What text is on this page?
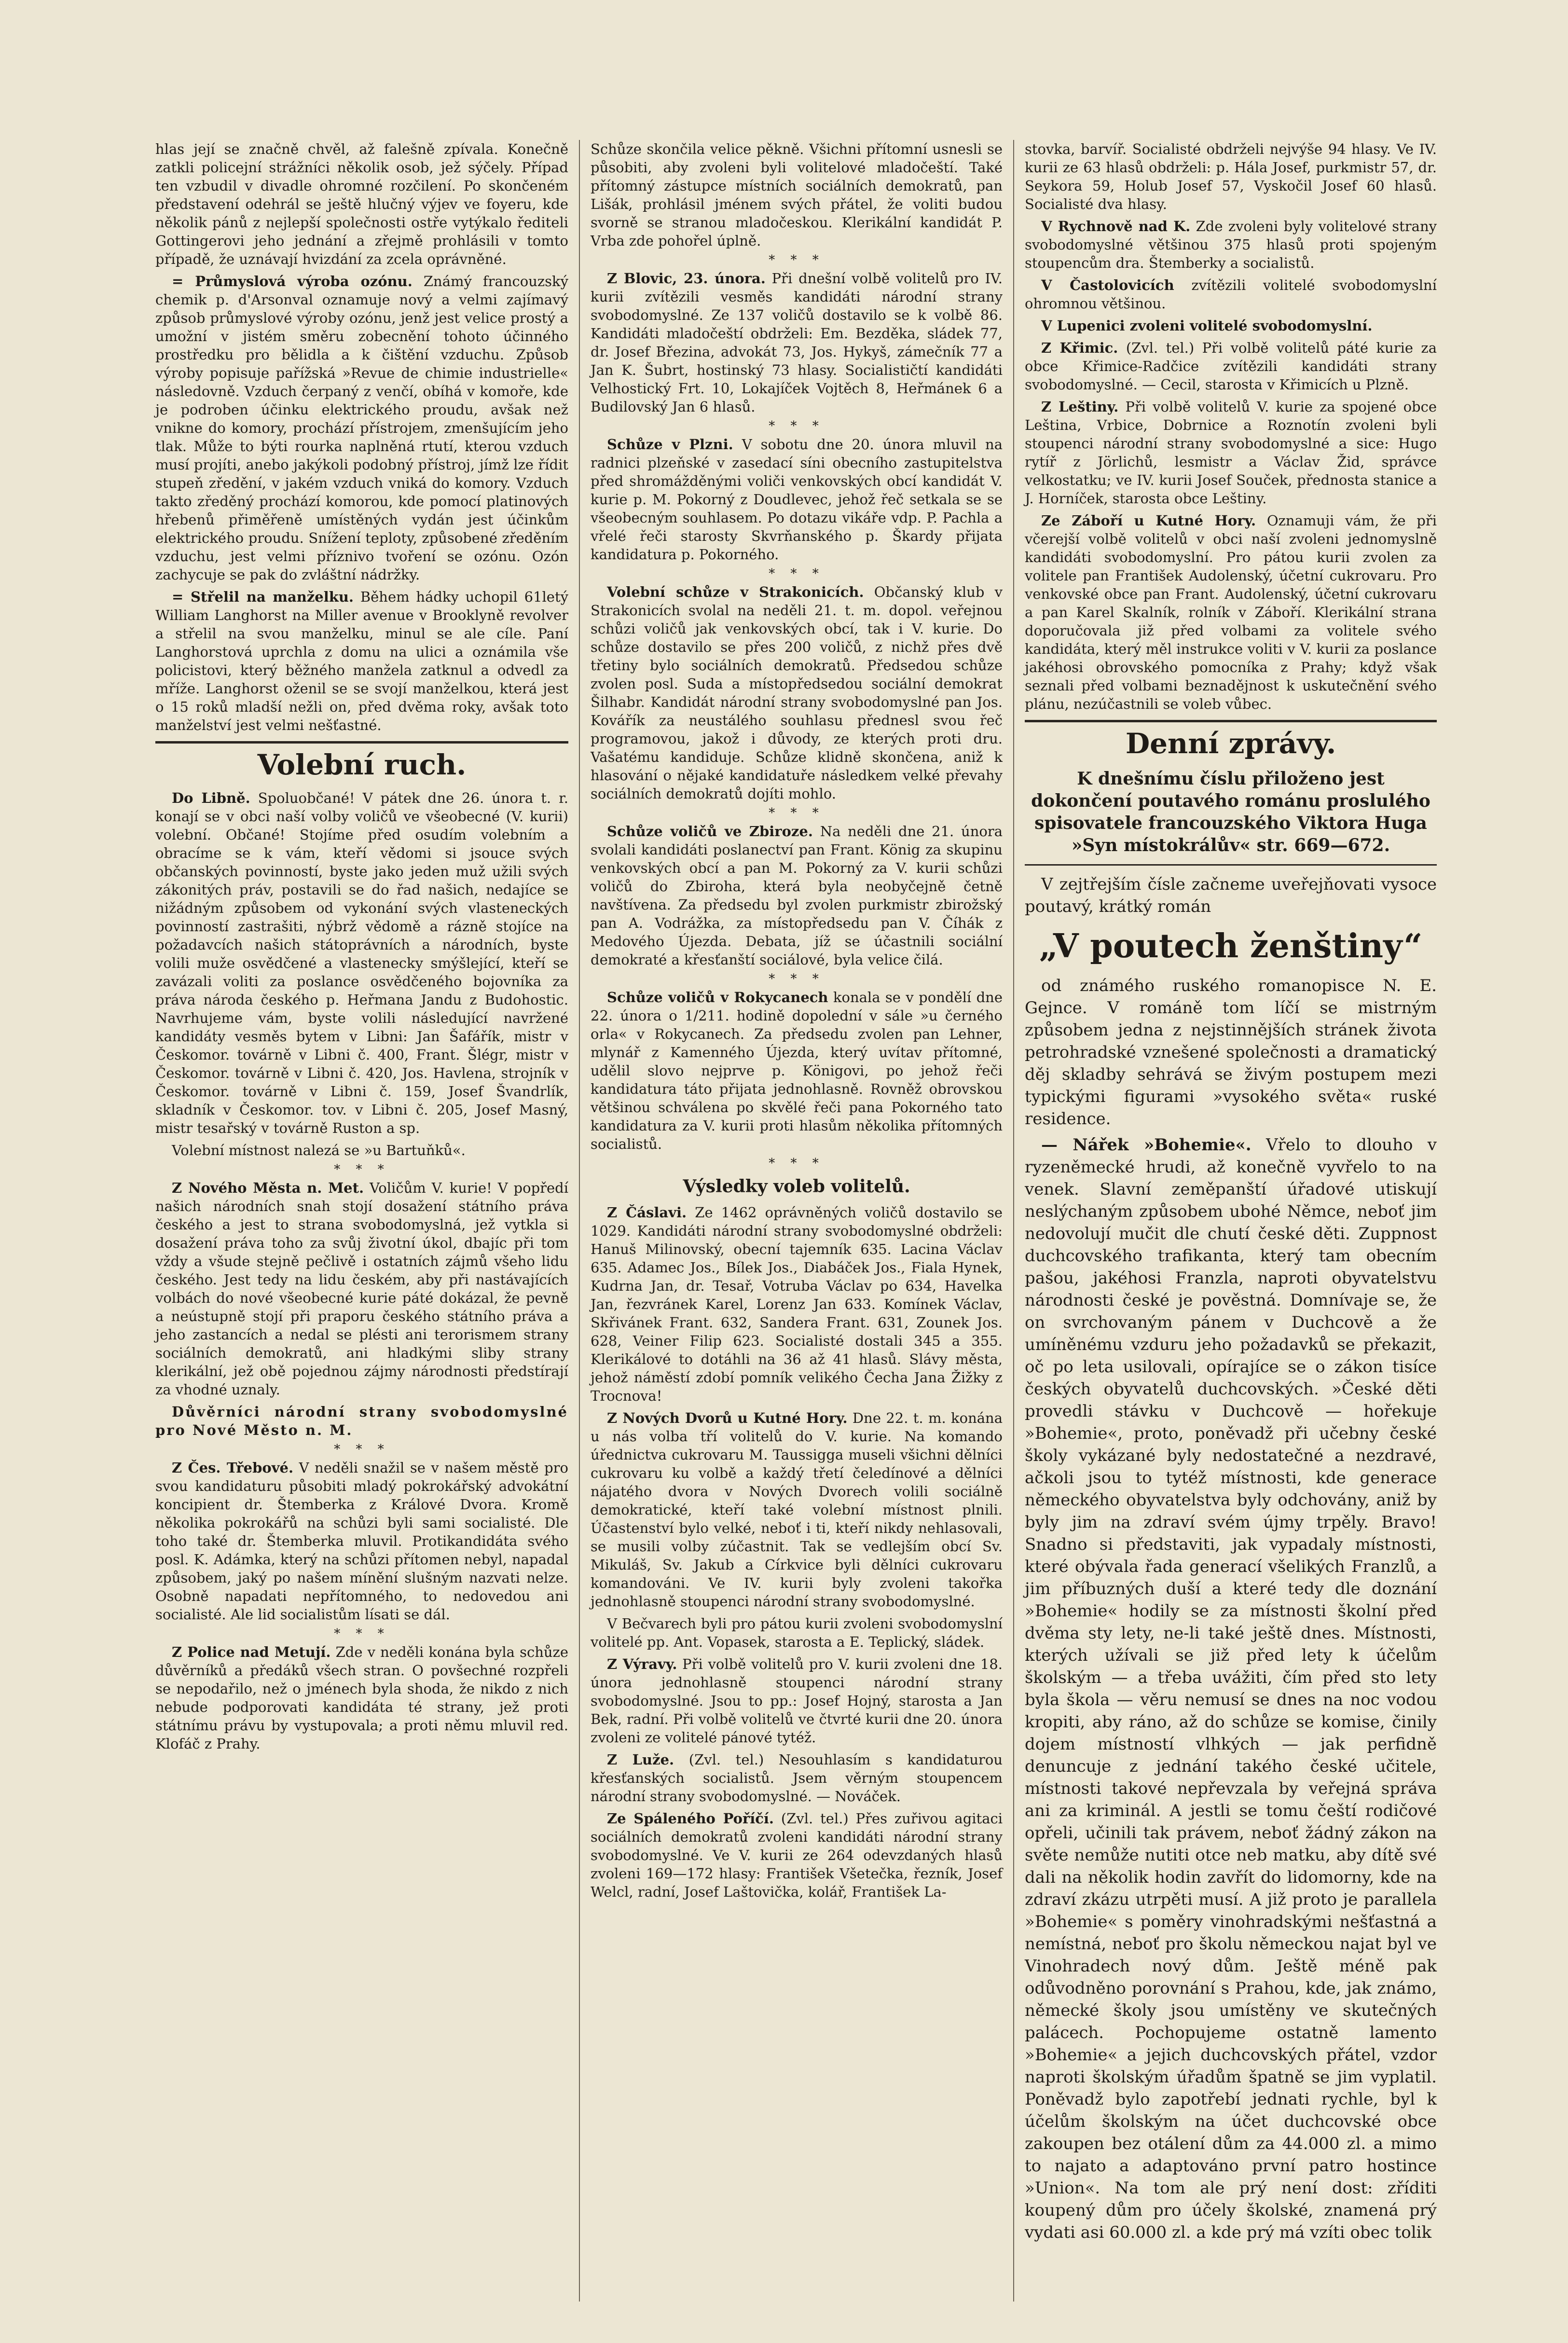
hlas její se značně chvěl, až falešně zpívala. Konečně zatkli policejní strážníci několik osob, jež sýčely. Případ ten vzbudil v divadle ohromné rozčilení. Po skončeném představení odehrál se ještě hlučný výjev ve foyeru, kde několik pánů z nejlepší společnosti ostře vytýkalo řediteli Gottingerovi jeho jednání a zřejmě prohlásili v tomto případě, že uznávají hvizdání za zcela oprávněné.

= Průmyslová výroba ozónu. Známý francouzský chemik p. d'Arsonval oznamuje nový a velmi zajímavý způsob průmyslové výroby ozónu, jenž jest velice prostý a umožní v jistém směru zobecnění tohoto účinného prostředku pro bělidla a k čištění vzduchu. Způsob výroby popisuje pařížská »Revue de chimie industrielle« následovně. Vzduch čerpaný z venčí, obíhá v komoře, kde je podroben účinku elektrického proudu, avšak než vnikne do komory, prochází přístrojem, zmenšujícím jeho tlak. Může to býti rourka naplněná rtutí, kterou vzduch musí projíti, anebo jakýkoli podobný přístroj, jímž lze řídit stupeň zředění, v jakém vzduch vniká do komory. Vzduch takto zředěný prochází komorou, kde pomocí platinových hřebenů přiměřeně umístěných vydán jest účinkům elektrického proudu. Snížení teploty, způsobené zředěním vzduchu, jest velmi příznivo tvoření se ozónu. Ozón zachycuje se pak do zvláštní nádržky.

= Střelil na manželku. Během hádky uchopil 61letý William Langhorst na Miller avenue v Brooklyně revolver a střelil na svou manželku, minul se ale cíle. Paní Langhorstová uprchla z domu na ulici a oznámila vše policistovi, který běžného manžela zatknul a odvedl za mříže. Langhorst oženil se se svojí manželkou, která jest o 15 roků mladší nežli on, před dvěma roky, avšak toto manželství jest velmi nešťastné.

Volební ruch.

Do Libně. Spoluobčané! V pátek dne 26. února t. r. konají se v obci naší volby voličů ve všeobecné (V. kurii) volební. Občané! Stojíme před osudím volebním a obracíme se k vám, kteří vědomi si jsouce svých občanských povinností, byste jako jeden muž užili svých zákonitých práv, postavili se do řad našich, nedajíce se nižádným způsobem od vykonání svých vlasteneckých povinností zastrašiti, nýbrž vědomě a rázně stojíce na požadavcích našich státoprávních a národních, byste volili muže osvědčené a vlastenecky smýšlející, kteří se zavázali voliti za poslance osvědčeného bojovníka za práva národa českého p. Heřmana Jandu z Budohostic. Navrhujeme vám, byste volili následující navržené kandidáty vesměs bytem v Libni: Jan Šafářík, mistr v Českomor. továrně v Libni č. 400, Frant. Šlégr, mistr v Českomor. továrně v Libni č. 420, Jos. Havlena, strojník v Českomor. továrně v Libni č. 159, Josef Švandrlík, skladník v Českomor. tov. v Libni č. 205, Josef Masný, mistr tesařský v továrně Ruston a sp.

Volební místnost nalezá se »u Bartuňků«.

* * *

Z Nového Města n. Met. Voličům V. kurie! V popředí našich národních snah stojí dosažení státního práva českého a jest to strana svobodomyslná, jež vytkla si dosažení práva toho za svůj životní úkol, dbajíc při tom vždy a všude stejně pečlivě i ostatních zájmů všeho lidu českého. Jest tedy na lidu českém, aby při nastávajících volbách do nové všeobecné kurie páté dokázal, že pevně a neústupně stojí při praporu českého státního práva a jeho zastancích a nedal se plésti ani terorismem strany sociálních demokratů, ani hladkými sliby strany klerikální, jež obě pojednou zájmy národnosti předstírají za vhodné uznaly.

Důvěrníci národní strany svobodomyslné pro Nové Město n. M.

* * *

Z Čes. Třebové. V neděli snažil se v našem městě pro svou kandidaturu působiti mladý pokrokářský advokátní koncipient dr. Štemberka z Králové Dvora. Kromě několika pokrokářů na schůzi byli sami socialisté. Dle toho také dr. Štemberka mluvil. Protikandidáta svého posl. K. Adámka, který na schůzi přítomen nebyl, napadal způsobem, jaký po našem mínění slušným nazvati nelze. Osobně napadati nepřítomného, to nedovedou ani socialisté. Ale lid socialistům lísati se dál.

* * *

Z Police nad Metují. Zde v neděli konána byla schůze důvěrníků a předáků všech stran. O povšechné rozpřeli se nepodařilo, než o jménech byla shoda, že nikdo z nich nebude podporovati kandidáta té strany, jež proti státnímu právu by vystupovala; a proti němu mluvil red. Klofáč z Prahy.

Schůze skončila velice pěkně. Všichni přítomní usnesli se působiti, aby zvoleni byli volitelové mladočeští. Také přítomný zástupce místních sociálních demokratů, pan Lišák, prohlásil jménem svých přátel, že voliti budou svorně se stranou mladočeskou. Klerikální kandidát P. Vrba zde pohořel úplně.

* * *

Z Blovic, 23. února. Při dnešní volbě volitelů pro IV. kurii zvítězili vesměs kandidáti národní strany svobodomyslné. Ze 137 voličů dostavilo se k volbě 86. Kandidáti mladočeští obdrželi: Em. Bezděka, sládek 77, dr. Josef Březina, advokát 73, Jos. Hykyš, zámečník 77 a Jan K. Šubrt, hostinský 73 hlasy. Socialističtí kandidáti Velhostický Frt. 10, Lokajíček Vojtěch 8, Heřmánek 6 a Budilovský Jan 6 hlasů.

* * *

Schůze v Plzni. V sobotu dne 20. února mluvil na radnici plzeňské v zasedací síni obecního zastupitelstva před shromážděnými voliči venkovských obcí kandidát V. kurie p. M. Pokorný z Doudlevec, jehož řeč setkala se se všeobecným souhlasem. Po dotazu vikáře vdp. P. Pachla a vřelé řeči starosty Skvrňanského p. Škardy přijata kandidatura p. Pokorného.

* * *

Volební schůze v Strakonicích. Občanský klub v Strakonicích svolal na neděli 21. t. m. dopol. veřejnou schůzi voličů jak venkovských obcí, tak i V. kurie. Do schůze dostavilo se přes 200 voličů, z nichž přes dvě třetiny bylo sociálních demokratů. Předsedou schůze zvolen posl. Suda a místopředsedou sociální demokrat Šilhabr. Kandidát národní strany svobodomyslné pan Jos. Kovářík za neustálého souhlasu přednesl svou řeč programovou, jakož i důvody, ze kterých proti dru. Vašatému kandiduje. Schůze klidně skončena, aniž k hlasování o nějaké kandidatuře následkem velké převahy sociálních demokratů dojíti mohlo.

* * *

Schůze voličů ve Zbiroze. Na neděli dne 21. února svolali kandidáti poslanectví pan Frant. König za skupinu venkovských obcí a pan M. Pokorný za V. kurii schůzi voličů do Zbiroha, která byla neobyčejně četně navštívena. Za předsedu byl zvolen purkmistr zbirožský pan A. Vodrážka, za místopředsedu pan V. Číhák z Medového Újezda. Debata, jíž se účastnili sociální demokraté a křesťanští sociálové, byla velice čilá.

* * *

Schůze voličů v Rokycanech konala se v pondělí dne 22. února o 1/211. hodině dopolední v sále »u černého orla« v Rokycanech. Za předsedu zvolen pan Lehner, mlynář z Kamenného Újezda, který uvítav přítomné, udělil slovo nejprve p. Königovi, po jehož řeči kandidatura táto přijata jednohlasně. Rovněž obrovskou většinou schválena po skvělé řeči pana Pokorného tato kandidatura za V. kurii proti hlasům několika přítomných socialistů.

* * *
Výsledky voleb volitelů.

Z Čáslavi. Ze 1462 oprávněných voličů dostavilo se 1029. Kandidáti národní strany svobodomyslné obdrželi: Hanuš Milinovský, obecní tajemník 635. Lacina Václav 635. Adamec Jos., Bílek Jos., Diabáček Jos., Fiala Hynek, Kudrna Jan, dr. Tesař, Votruba Václav po 634, Havelka Jan, řezvránek Karel, Lorenz Jan 633. Komínek Václav, Skřivánek Frant. 632, Sandera Frant. 631, Zounek Jos. 628, Veiner Filip 623. Socialisté dostali 345 a 355. Klerikálové to dotáhli na 36 až 41 hlasů. Slávy města, jehož náměstí zdobí pomník velikého Čecha Jana Žižky z Trocnova!

Z Nových Dvorů u Kutné Hory. Dne 22. t. m. konána u nás volba tří volitelů do V. kurie. Na komando úřednictva cukrovaru M. Taussigga museli všichni dělníci cukrovaru ku volbě a každý třetí čeledínové a dělníci nájatého dvora v Nových Dvorech volili sociálně demokratické, kteří také volební místnost plnili. Účastenství bylo velké, neboť i ti, kteří nikdy nehlasovali, se musili volby zúčastnit. Tak se vedlejším obcí Sv. Mikuláš, Sv. Jakub a Církvice byli dělníci cukrovaru komandováni. Ve IV. kurii byly zvoleni takořka jednohlasně stoupenci národní strany svobodomyslné.

V Bečvarech byli pro pátou kurii zvoleni svobodomyslní volitelé pp. Ant. Vopasek, starosta a E. Teplický, sládek.

Z Výravy. Při volbě volitelů pro V. kurii zvoleni dne 18. února jednohlasně stoupenci národní strany svobodomyslné. Jsou to pp.: Josef Hojný, starosta a Jan Bek, radní. Při volbě volitelů ve čtvrté kurii dne 20. února zvoleni ze volitelé pánové tytéž.

Z Luže. (Zvl. tel.) Nesouhlasím s kandidaturou křesťanských socialistů. Jsem věrným stoupencem národní strany svobodomyslné. — Nováček.

Ze Spáleného Poříčí. (Zvl. tel.) Přes zuřivou agitaci sociálních demokratů zvoleni kandidáti národní strany svobodomyslné. Ve V. kurii ze 264 odevzdaných hlasů zvoleni 169—172 hlasy: František Všetečka, řezník, Josef Welcl, radní, Josef Laštovička, kolář, František La-

stovka, barvíř. Socialisté obdrželi nejvýše 94 hlasy. Ve IV. kurii ze 63 hlasů obdrželi: p. Hála Josef, purkmistr 57, dr. Seykora 59, Holub Josef 57, Vyskočil Josef 60 hlasů. Socialisté dva hlasy.

V Rychnově nad K. Zde zvoleni byly volitelové strany svobodomyslné většinou 375 hlasů proti spojeným stoupencům dra. Štemberky a socialistů.

V Častolovicích zvítězili volitelé svobodomyslní ohromnou většinou.

V Lupenici zvoleni volitelé svobodomyslní.

Z Křimic. (Zvl. tel.) Při volbě volitelů páté kurie za obce Křimice-Radčice zvítězili kandidáti strany svobodomyslné. — Cecil, starosta v Křimicích u Plzně.

Z Leštiny. Při volbě volitelů V. kurie za spojené obce Leština, Vrbice, Dobrnice a Roznotín zvoleni byli stoupenci národní strany svobodomyslné a sice: Hugo rytíř z Jörlichů, lesmistr a Václav Žid, správce velkostatku; ve IV. kurii Josef Souček, přednosta stanice a J. Horníček, starosta obce Leštiny.

Ze Záboří u Kutné Hory. Oznamuji vám, že při včerejší volbě volitelů v obci naší zvoleni jednomyslně kandidáti svobodomyslní. Pro pátou kurii zvolen za volitele pan František Audolenský, účetní cukrovaru. Pro venkovské obce pan Frant. Audolenský, účetní cukrovaru a pan Karel Skalník, rolník v Záboří. Klerikální strana doporučovala již před volbami za volitele svého kandidáta, který měl instrukce voliti v V. kurii za poslance jakéhosi obrovského pomocníka z Prahy; když však seznali před volbami beznadějnost k uskutečnění svého plánu, nezúčastnili se voleb vůbec.

Denní zprávy.
K dnešnímu číslu přiloženo jest dokončení poutavého románu proslulého spisovatele francouzského Viktora Huga »Syn místokrálův« str. 669—672.

V zejtřejším čísle začneme uveřejňovati vysoce poutavý, krátký román

„V poutech ženštiny“

od známého ruského romanopisce N. E. Gejnce. V románě tom líčí se mistrným způsobem jedna z nejstinnějších stránek života petrohradské vznešené společnosti a dramatický děj skladby sehrává se živým postupem mezi typickými figurami »vysokého světa« ruské residence.

— Nářek »Bohemie«. Vřelo to dlouho v ryzeněmecké hrudi, až konečně vyvřelo to na venek. Slavní zeměpanští úřadové utiskují neslýchaným způsobem ubohé Němce, neboť jim nedovolují mučit dle chutí české děti. Zuppnost duchcovského trafikanta, který tam obecním pašou, jakéhosi Franzla, naproti obyvatelstvu národnosti české je pověstná. Domnívaje se, že on svrchovaným pánem v Duchcově a že umíněnému vzduru jeho požadavků se překazit, oč po leta usilovali, opírajíce se o zákon tisíce českých obyvatelů duchcovských. »České děti provedli stávku v Duchcově — hořekuje »Bohemie«, proto, poněvadž při učebny české školy vykázané byly nedostatečné a nezdravé, ačkoli jsou to tytéž místnosti, kde generace německého obyvatelstva byly odchovány, aniž by byly jim na zdraví svém újmy trpěly. Bravo! Snadno si představiti, jak vypadaly místnosti, které obývala řada generací všelikých Franzlů, a jim příbuzných duší a které tedy dle doznání »Bohemie« hodily se za místnosti školní před dvěma sty lety, ne-li také ještě dnes. Místnosti, kterých užívali se již před lety k účelům školským — a třeba uvážiti, čím před sto lety byla škola — věru nemusí se dnes na noc vodou kropiti, aby ráno, až do schůze se komise, činily dojem místností vlhkých — jak perfidně denuncuje z jednání takého české učitele, místnosti takové nepřevzala by veřejná správa ani za kriminál. A jestli se tomu čeští rodičové opřeli, učinili tak právem, neboť žádný zákon na světe nemůže nutiti otce neb matku, aby dítě své dali na několik hodin zavřít do lidomorny, kde na zdraví zkázu utrpěti musí. A již proto je parallela »Bohemie« s poměry vinohradskými nešťastná a nemístná, neboť pro školu německou najat byl ve Vinohradech nový dům. Ještě méně pak odůvodněno porovnání s Prahou, kde, jak známo, německé školy jsou umístěny ve skutečných palácech. Pochopujeme ostatně lamento »Bohemie« a jejich duchcovských přátel, vzdor naproti školským úřadům špatně se jim vyplatil. Poněvadž bylo zapotřebí jednati rychle, byl k účelům školským na účet duchcovské obce zakoupen bez otálení dům za 44.000 zl. a mimo to najato a adaptováno první patro hostince »Union«. Na tom ale prý není dost: zříditi koupený dům pro účely školské, znamená prý vydati asi 60.000 zl. a kde prý má vzíti obec tolik
